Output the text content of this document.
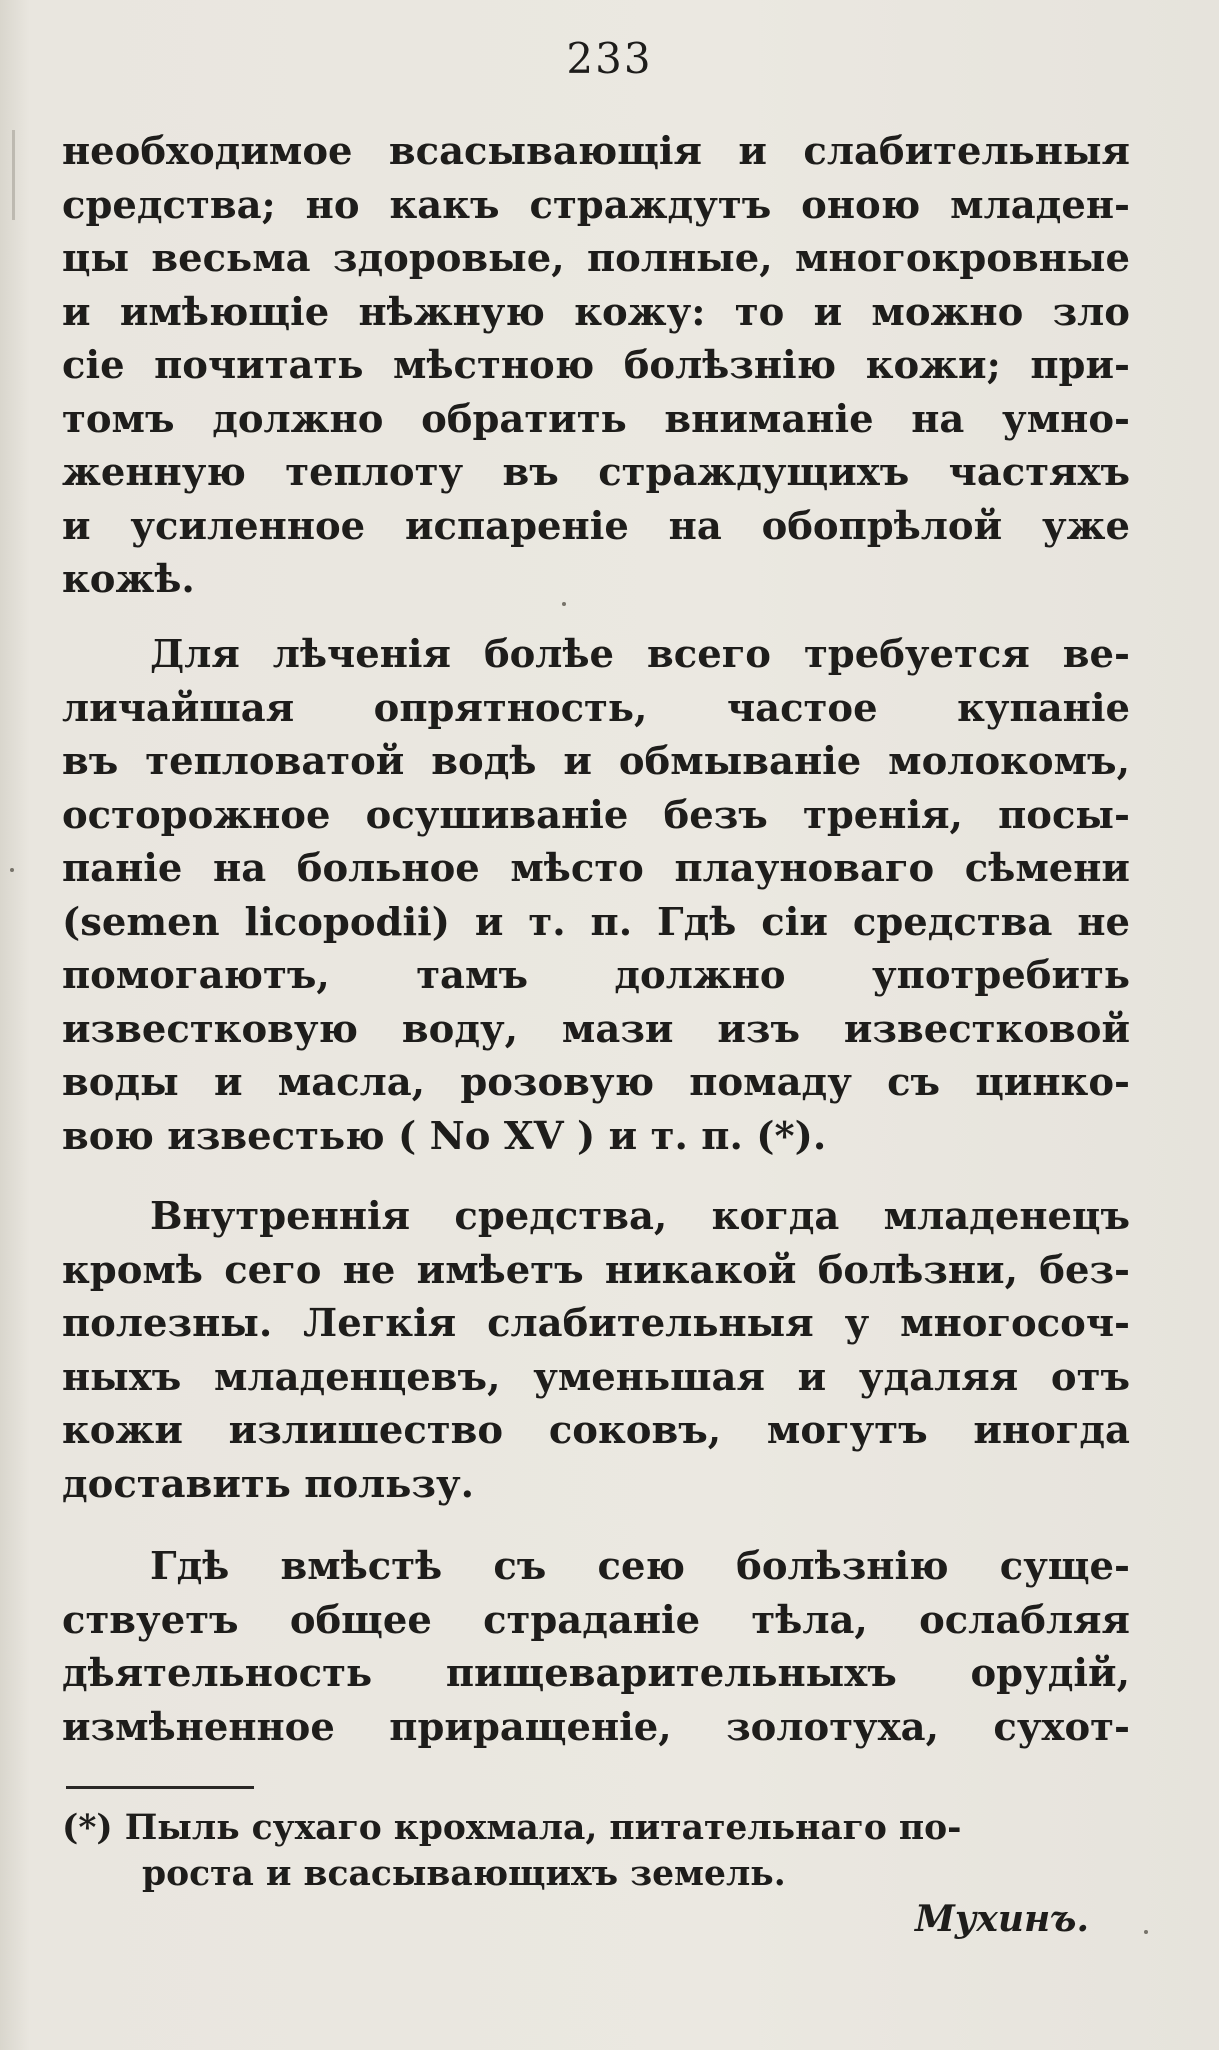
233
необходимое всасывающія и слабительныя
средства; но какъ страждутъ оною младен-
цы весьма здоровые, полные, многокровные
и имѣющіе нѣжную кожу: то и можно зло
сіе почитать мѣстною болѣзнію кожи; при-
томъ должно обратить вниманіе на умно-
женную теплоту въ страждущихъ частяхъ
и усиленное испареніе на обопрѣлой уже
кожѣ.
Для лѣченія болѣе всего требуется ве-
личайшая опрятность, частое купаніе
въ тепловатой водѣ и обмываніе молокомъ,
осторожное осушиваніе безъ тренія, посы-
паніе на больное мѣсто плауноваго сѣмени
(semen licopodii) и т. п. Гдѣ сіи средства не
помогаютъ, тамъ должно употребить
известковую воду, мази изъ известковой
воды и масла, розовую помаду съ цинко-
вою известью ( No XV ) и т. п. (*).
Внутреннія средства, когда младенецъ
кромѣ сего не имѣетъ никакой болѣзни, без-
полезны. Легкія слабительныя у многосоч-
ныхъ младенцевъ, уменьшая и удаляя отъ
кожи излишество соковъ, могутъ иногда
доставить пользу.
Гдѣ вмѣстѣ съ сею болѣзнію суще-
ствуетъ общее страданіе тѣла, ослабляя
дѣятельность пищеварительныхъ орудій,
измѣненное приращеніе, золотуха, сухот-
(*) Пыль сухаго крохмала, питательнаго по-
роста и всасывающихъ земель.
Мухинъ.
